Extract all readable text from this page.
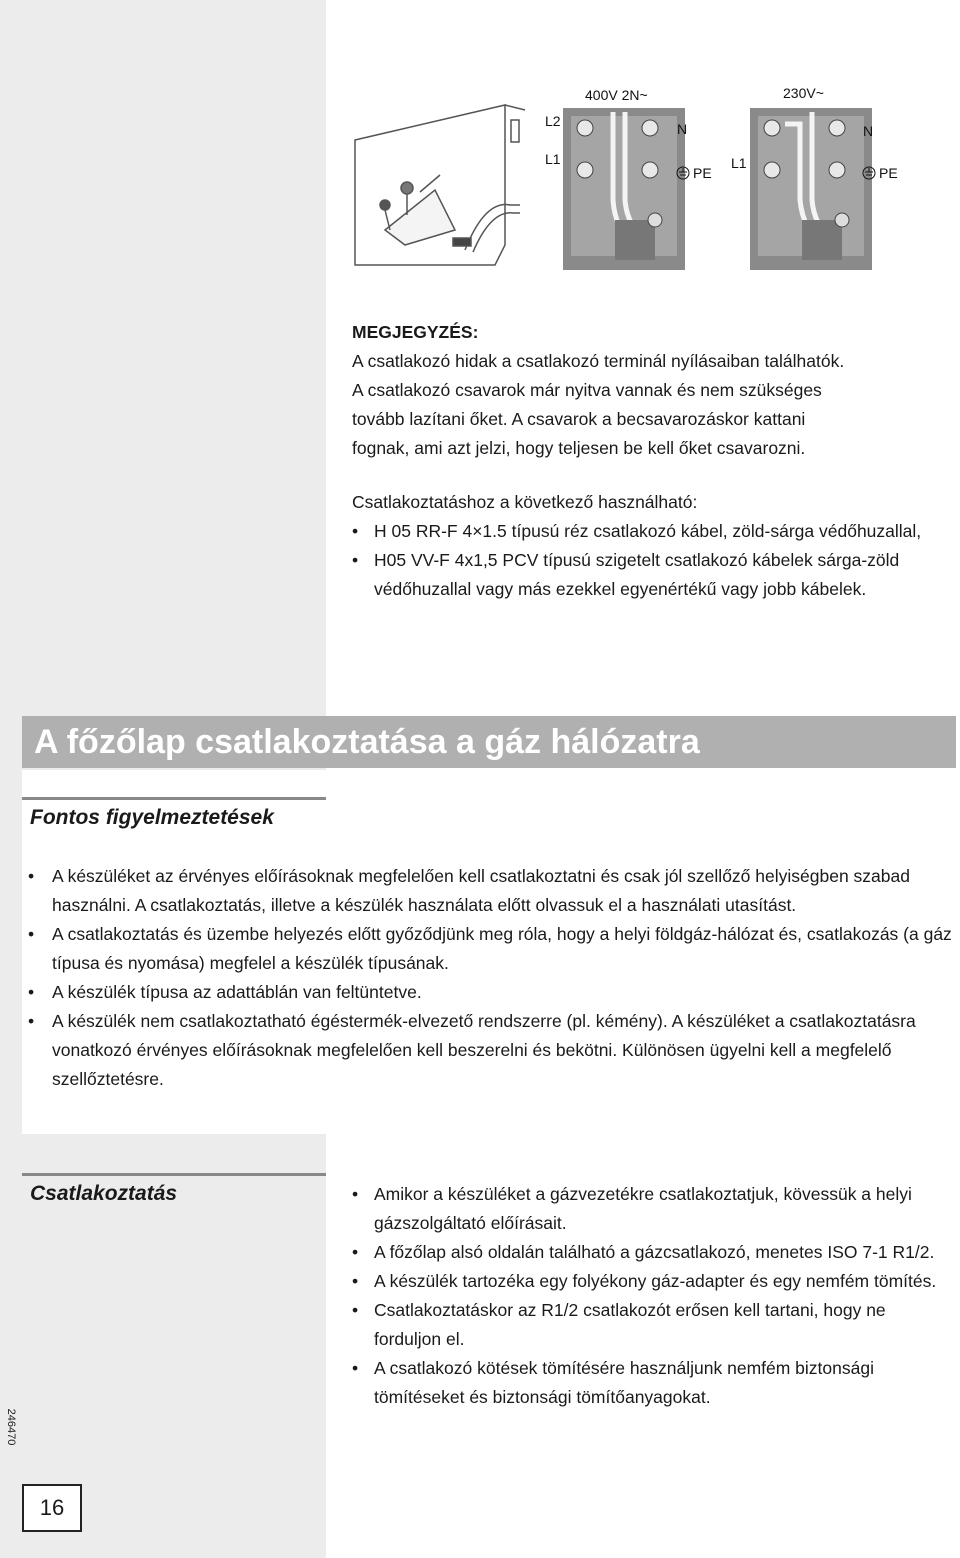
400V 2N~	230V~
L2
L1
N
PE
L1
N
PE

MEGJEGYZÉS:

A csatlakozó hidak a csatlakozó terminál nyílásaiban találhatók.

A csatlakozó csavarok már nyitva vannak és nem szükséges

tovább lazítani őket. A csavarok a becsavarozáskor kattani

fognak, ami azt jelzi, hogy teljesen be kell őket csavarozni.

Csatlakoztatáshoz a következő használható:

• H 05 RR-F 4×1.5 típusú réz csatlakozó kábel, zöld-sárga védőhuzallal,
• H05 VV-F 4x1,5 PCV típusú szigetelt csatlakozó kábelek sárga-zöld védőhuzallal vagy más ezekkel egyenértékű vagy jobb kábelek.
A főzőlap csatlakoztatása a gáz hálózatra
Fontos figyelmeztetések
• A készüléket az érvényes előírásoknak megfelelően kell csatlakoztatni és csak jól szellőző helyiségben szabad használni. A csatlakoztatás, illetve a készülék használata előtt olvassuk el a használati utasítást.
• A csatlakoztatás és üzembe helyezés előtt győződjünk meg róla, hogy a helyi földgáz-hálózat és, csatlakozás (a gáz típusa és nyomása) megfelel a készülék típusának.
• A készülék típusa az adattáblán van feltüntetve.
• A készülék nem csatlakoztatható égéstermék-elvezető rendszerre (pl. kémény). A készüléket a csatlakoztatásra vonatkozó érvényes előírásoknak megfelelően kell beszerelni és bekötni. Különösen ügyelni kell a megfelelő szellőztetésre.
Csatlakoztatás
•	Amikor a készüléket a gázvezetékre csatlakoztatjuk, kövessük a helyi gázszolgáltató előírásait.
• A főzőlap alsó oldalán található a gázcsatlakozó, menetes ISO 7-1 R1/2.
• A készülék tartozéka egy folyékony gáz-adapter és egy nemfém tömítés.
• Csatlakoztatáskor az R1/2 csatlakozót erősen kell tartani, hogy ne forduljon el.
• A csatlakozó kötések tömítésére használjunk nemfém biztonsági tömítéseket és biztonsági tömítőanyagokat.
246470
16
